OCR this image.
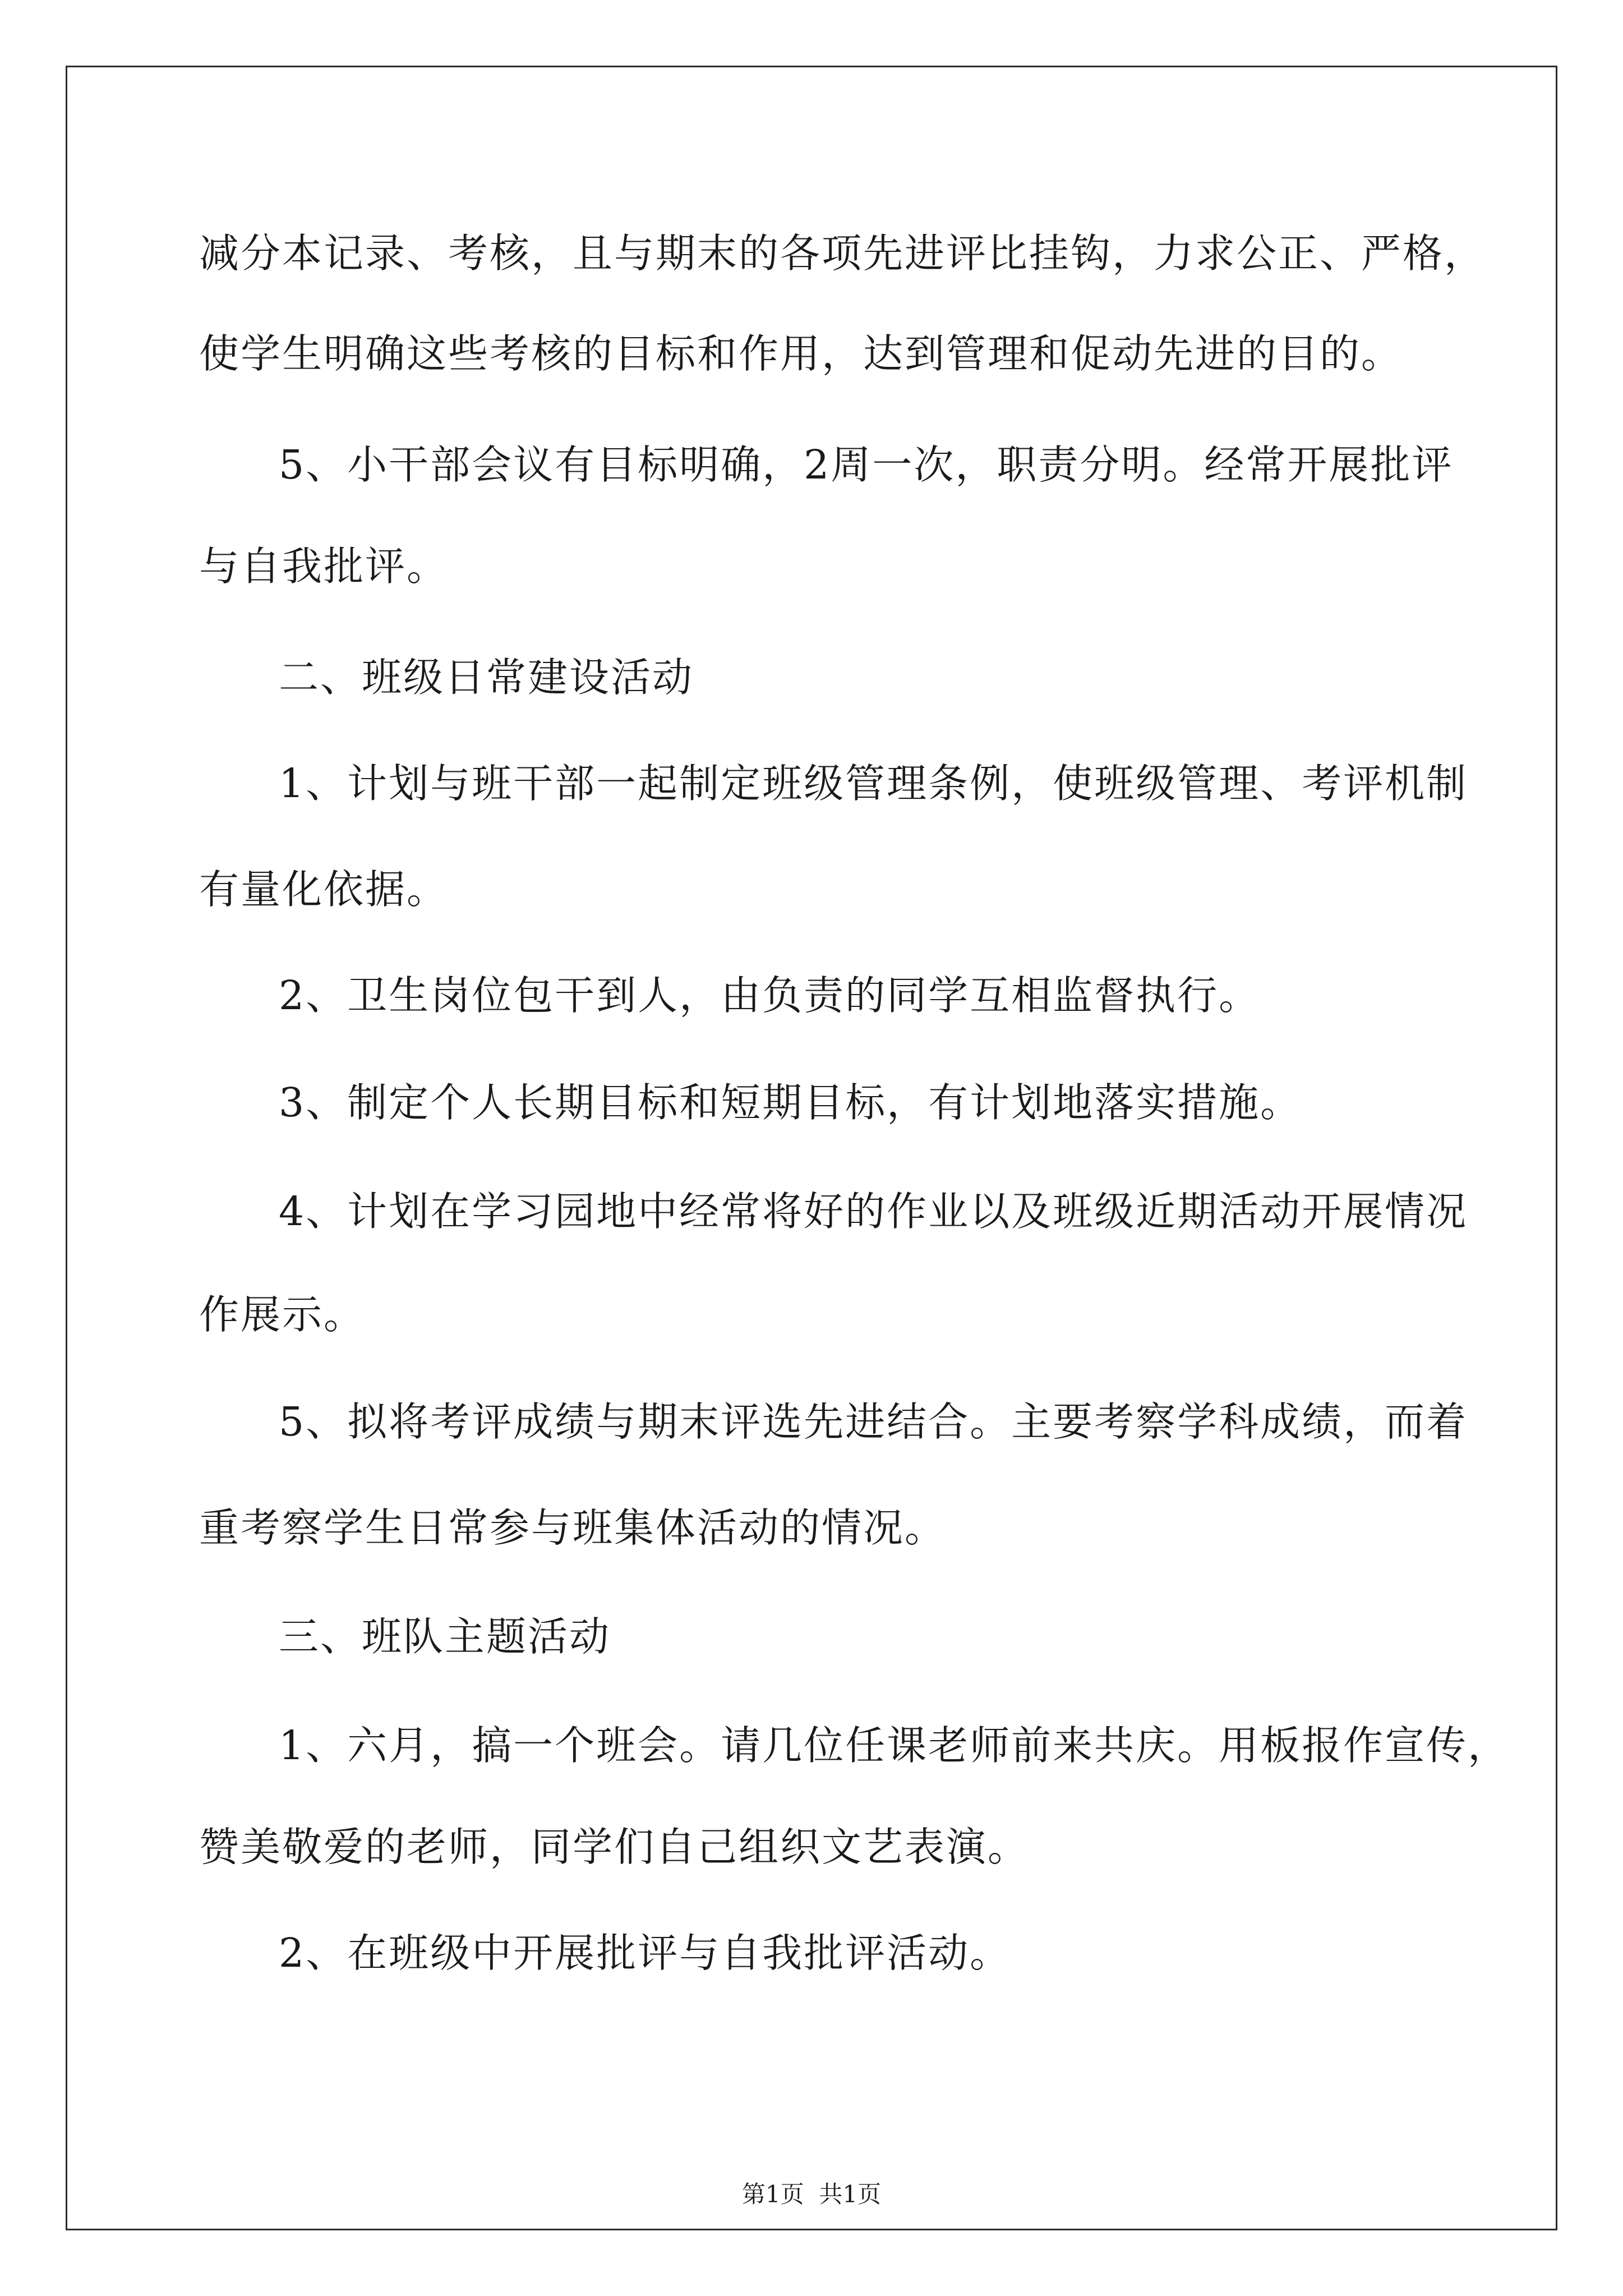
减分本记录、考核，且与期末的各项先进评比挂钩，力求公正、严格，
使学生明确这些考核的目标和作用，达到管理和促动先进的目的。
5、小干部会议有目标明确，2周一次，职责分明。经常开展批评
与自我批评。
二、班级日常建设活动
1、计划与班干部一起制定班级管理条例，使班级管理、考评机制
有量化依据。
2、卫生岗位包干到人，由负责的同学互相监督执行。
3、制定个人长期目标和短期目标，有计划地落实措施。
4、计划在学习园地中经常将好的作业以及班级近期活动开展情况
作展示。
5、拟将考评成绩与期末评选先进结合。主要考察学科成绩，而着
重考察学生日常参与班集体活动的情况。
三、班队主题活动
1、六月，搞一个班会。请几位任课老师前来共庆。用板报作宣传，
赞美敬爱的老师，同学们自己组织文艺表演。
2、在班级中开展批评与自我批评活动。
第1页  共1页
